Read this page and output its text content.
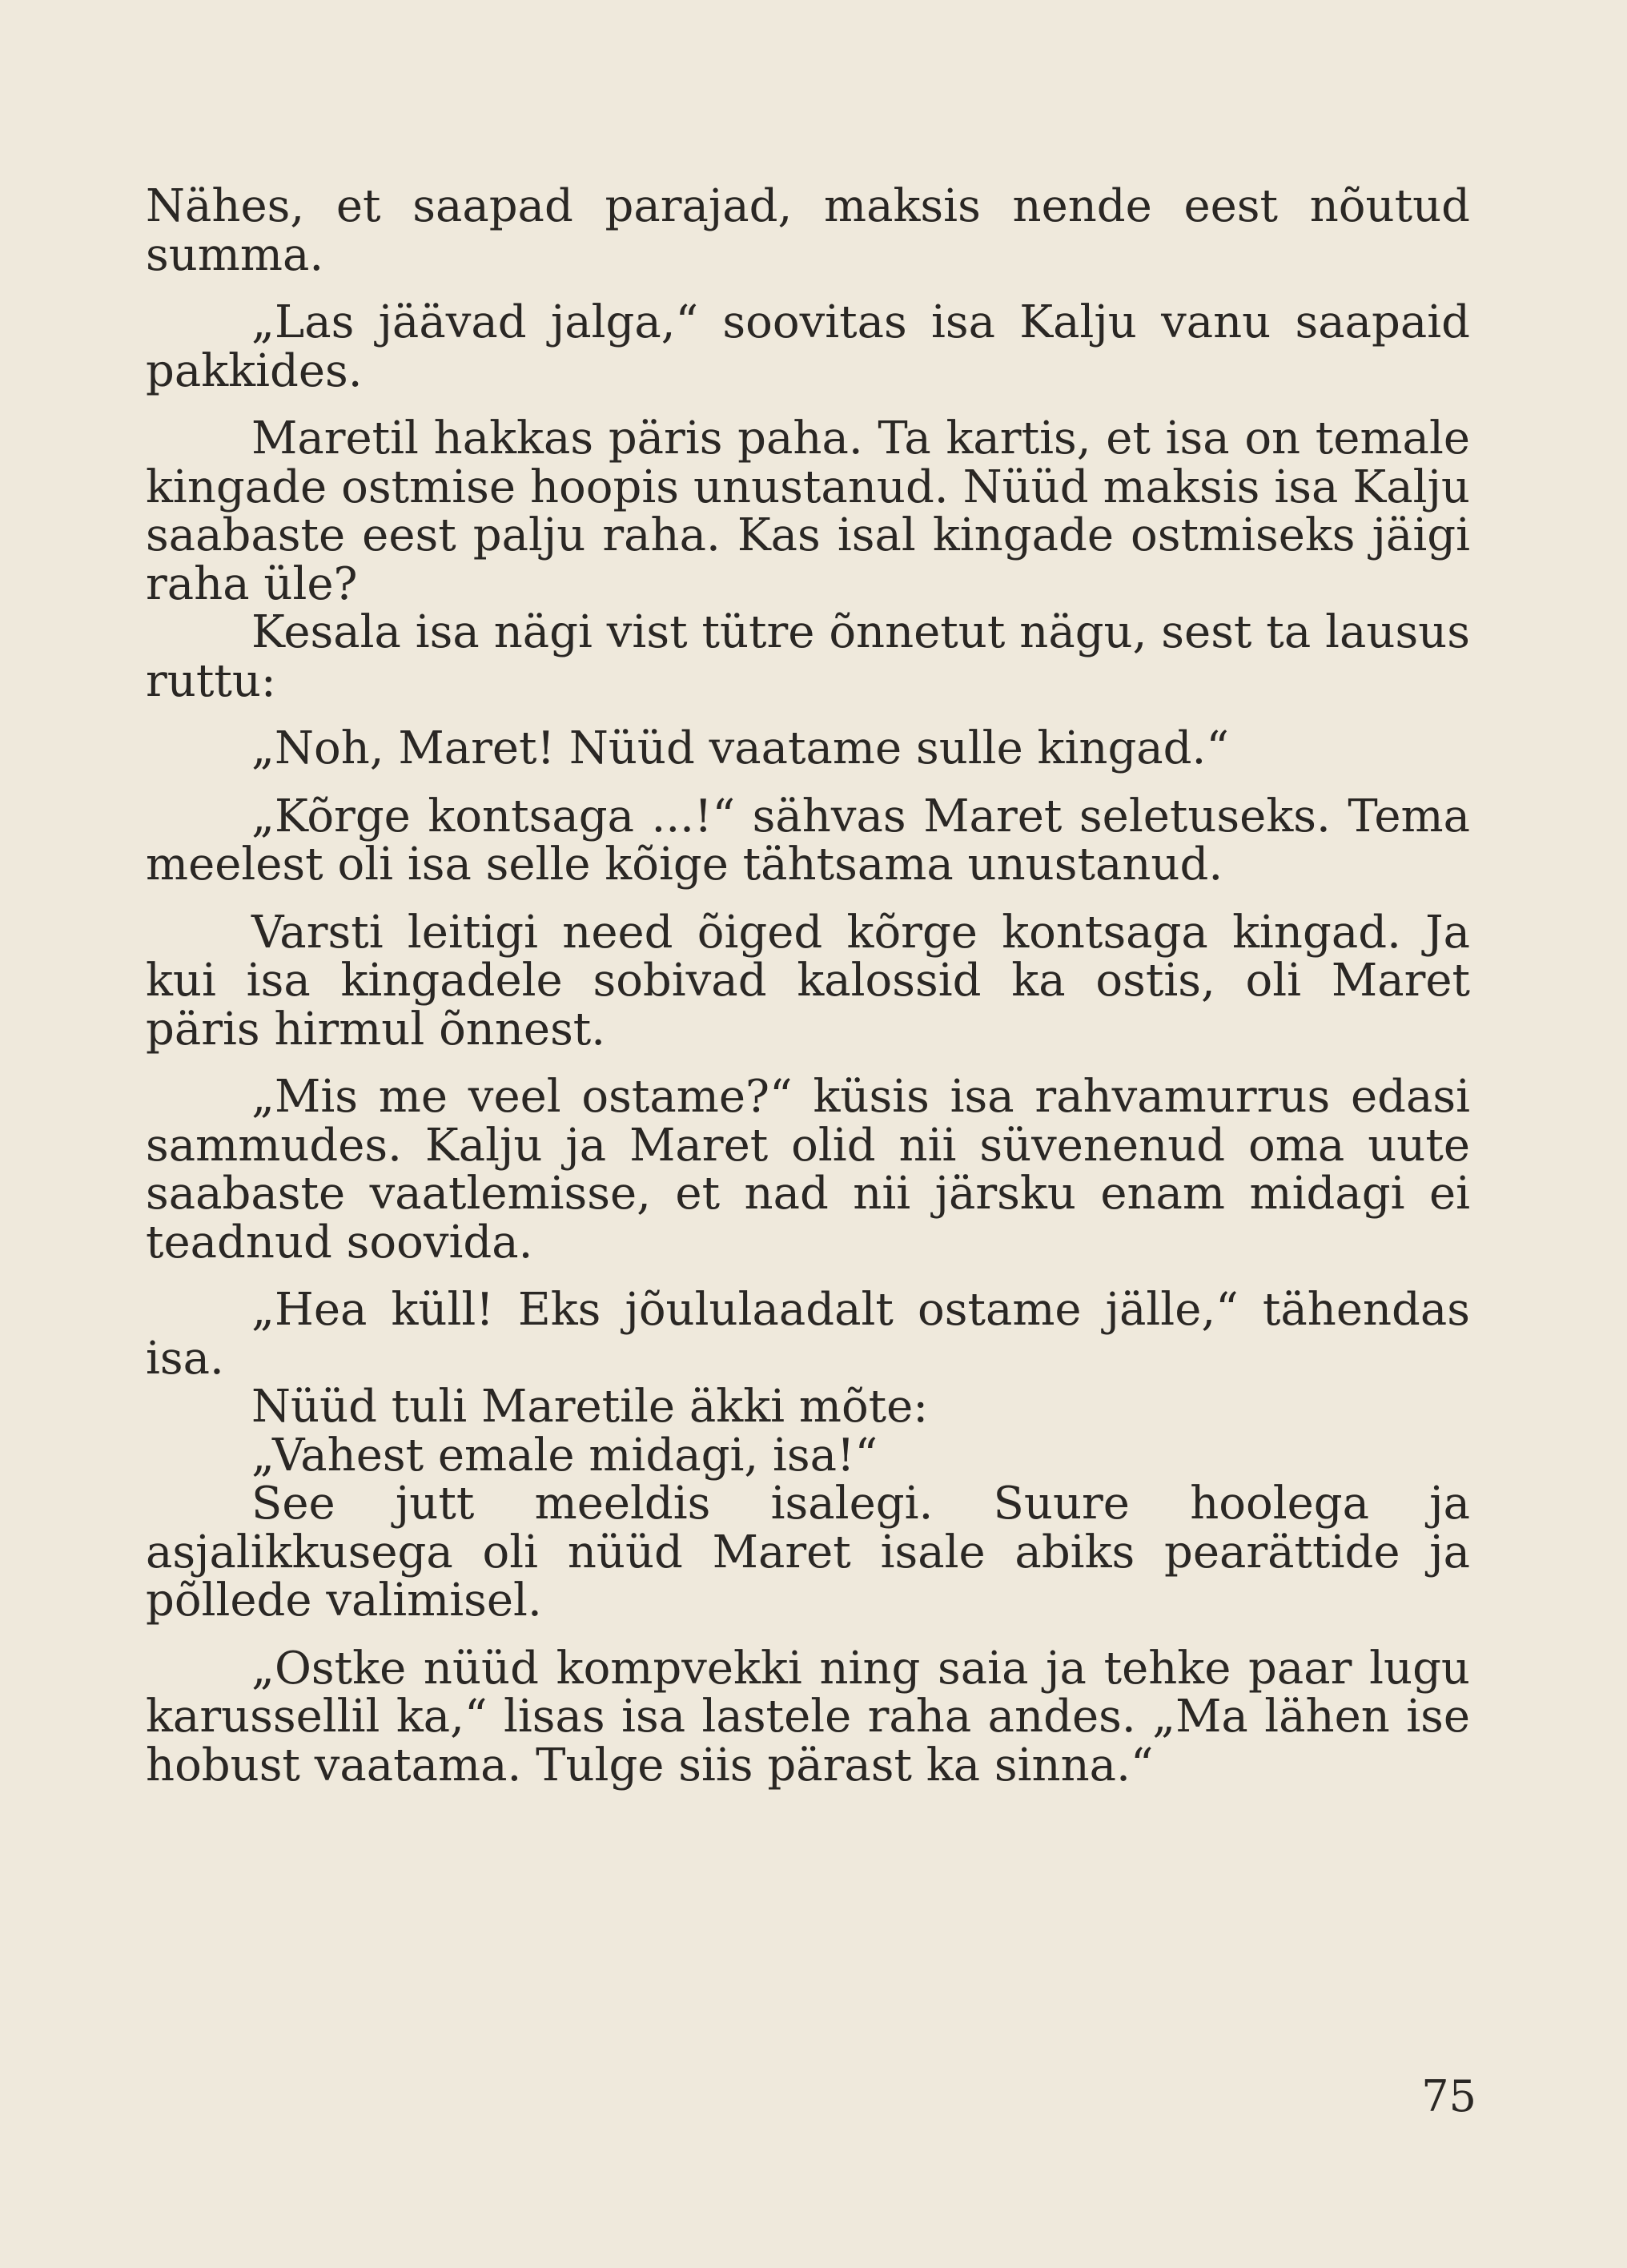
Nähes, et saapad parajad, maksis nende eest nõutud summa.

„Las jäävad jalga,“ soovitas isa Kalju vanu saapaid pakkides.

Maretil hakkas päris paha. Ta kartis, et isa on temale kingade ostmise hoopis unustanud. Nüüd maksis isa Kalju saabaste eest palju raha. Kas isal kingade ostmiseks jäigi raha üle?

Kesala isa nägi vist tütre õnnetut nägu, sest ta lausus ruttu:

„Noh, Maret! Nüüd vaatame sulle kingad.“

„Kõrge kontsaga ...!“ sähvas Maret seletuseks. Tema meelest oli isa selle kõige tähtsama unustanud.

Varsti leitigi need õiged kõrge kontsaga kingad. Ja kui isa kingadele sobivad kalossid ka ostis, oli Maret päris hirmul õnnest.

„Mis me veel ostame?“ küsis isa rahvamurrus edasi sammudes. Kalju ja Maret olid nii süvenenud oma uute saabaste vaatlemisse, et nad nii järsku enam midagi ei teadnud soovida.

„Hea küll! Eks jõululaadalt ostame jälle,“ tähendas isa.

Nüüd tuli Maretile äkki mõte:

„Vahest emale midagi, isa!“

See jutt meeldis isalegi. Suure hoolega ja asjalikkusega oli nüüd Maret isale abiks pearättide ja põllede valimisel.

„Ostke nüüd kompvekki ning saia ja tehke paar lugu karussellil ka,“ lisas isa lastele raha andes. „Ma lähen ise hobust vaatama. Tulge siis pärast ka sinna.“

75
